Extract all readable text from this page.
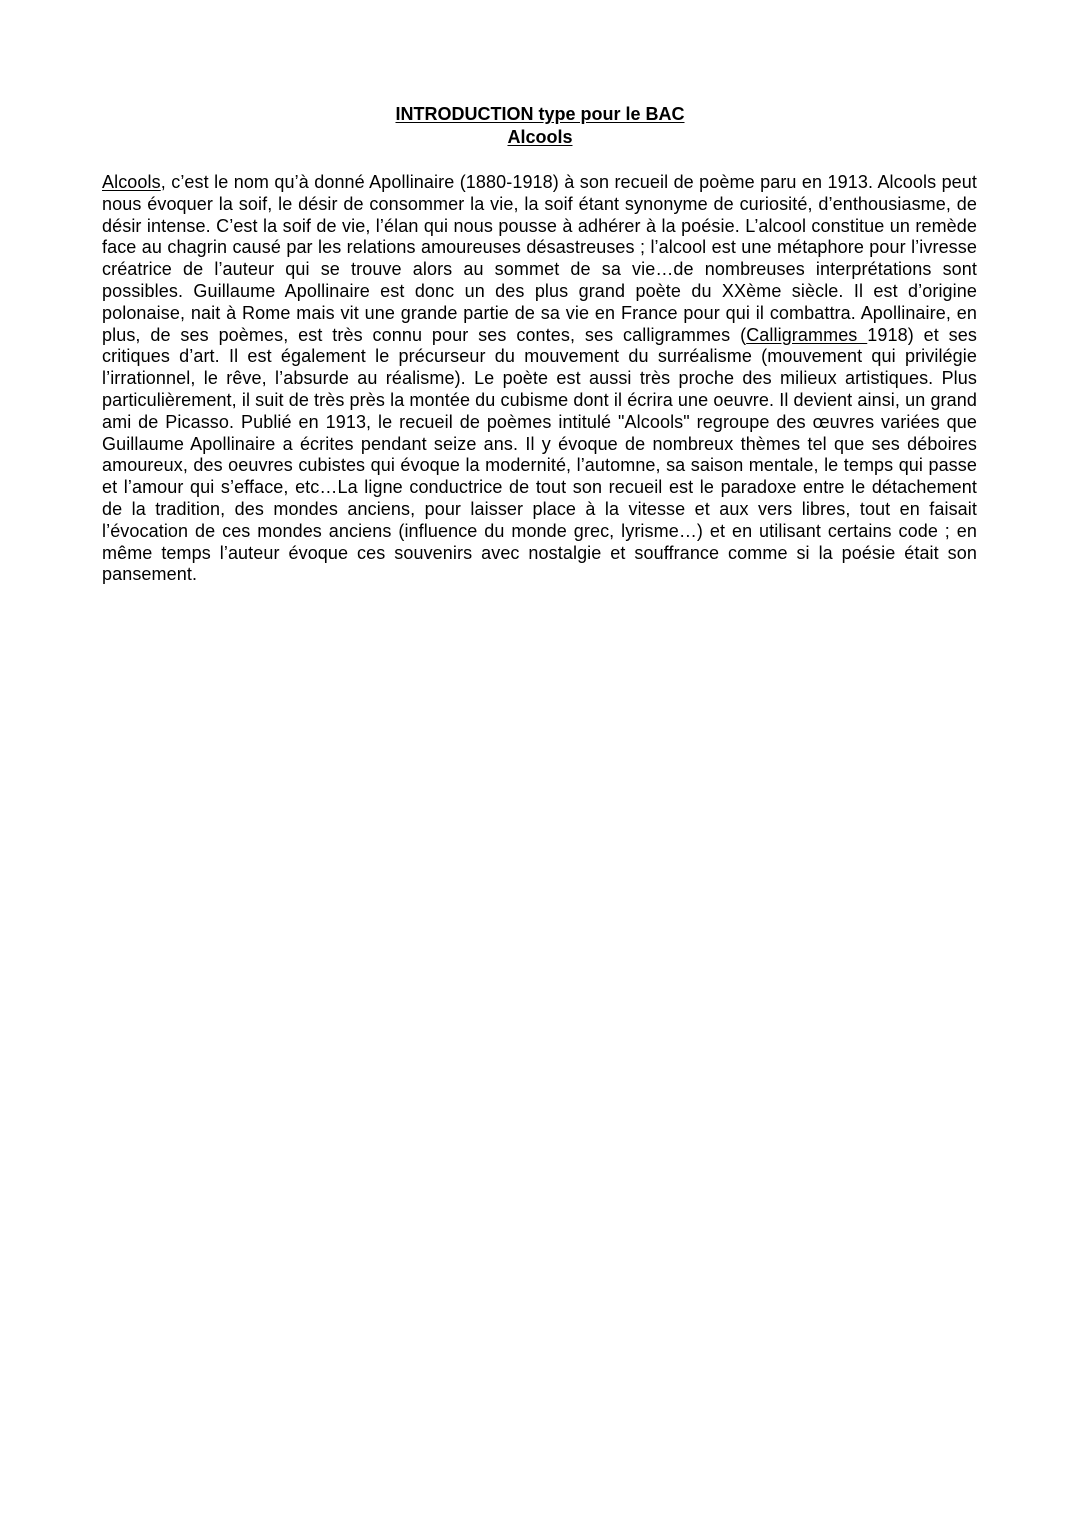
INTRODUCTION type pour le BAC
Alcools

Alcools, c’est le nom qu’à donné Apollinaire (1880-1918) à son recueil de poème paru en 1913. Alcools peut nous évoquer la soif, le désir de consommer la vie, la soif étant synonyme de curiosité, d’enthousiasme, de désir intense. C’est la soif de vie, l’élan qui nous pousse à adhérer à la poésie. L’alcool constitue un remède face au chagrin causé par les relations amoureuses désastreuses ; l’alcool est une métaphore pour l’ivresse créatrice de l’auteur qui se trouve alors au sommet de sa vie…de nombreuses interprétations sont possibles. Guillaume Apollinaire est donc un des plus grand poète du XXème siècle. Il est d’origine polonaise, nait à Rome mais vit une grande partie de sa vie en France pour qui il combattra. Apollinaire, en plus, de ses poèmes, est très connu pour ses contes, ses calligrammes (Calligrammes 1918) et ses critiques d’art. Il est également le précurseur du mouvement du surréalisme (mouvement qui privilégie l’irrationnel, le rêve, l’absurde au réalisme). Le poète est aussi très proche des milieux artistiques. Plus particulièrement, il suit de très près la montée du cubisme dont il écrira une oeuvre. Il devient ainsi, un grand ami de Picasso. Publié en 1913, le recueil de poèmes intitulé "Alcools" regroupe des œuvres variées que Guillaume Apollinaire a écrites pendant seize ans. Il y évoque de nombreux thèmes tel que ses déboires amoureux, des oeuvres cubistes qui évoque la modernité, l’automne, sa saison mentale, le temps qui passe et l’amour qui s’efface, etc…La ligne conductrice de tout son recueil est le paradoxe entre le détachement de la tradition, des mondes anciens, pour laisser place à la vitesse et aux vers libres, tout en faisait l’évocation de ces mondes anciens (influence du monde grec, lyrisme…) et en utilisant certains code ; en même temps l’auteur évoque ces souvenirs avec nostalgie et souffrance comme si la poésie était son pansement.
